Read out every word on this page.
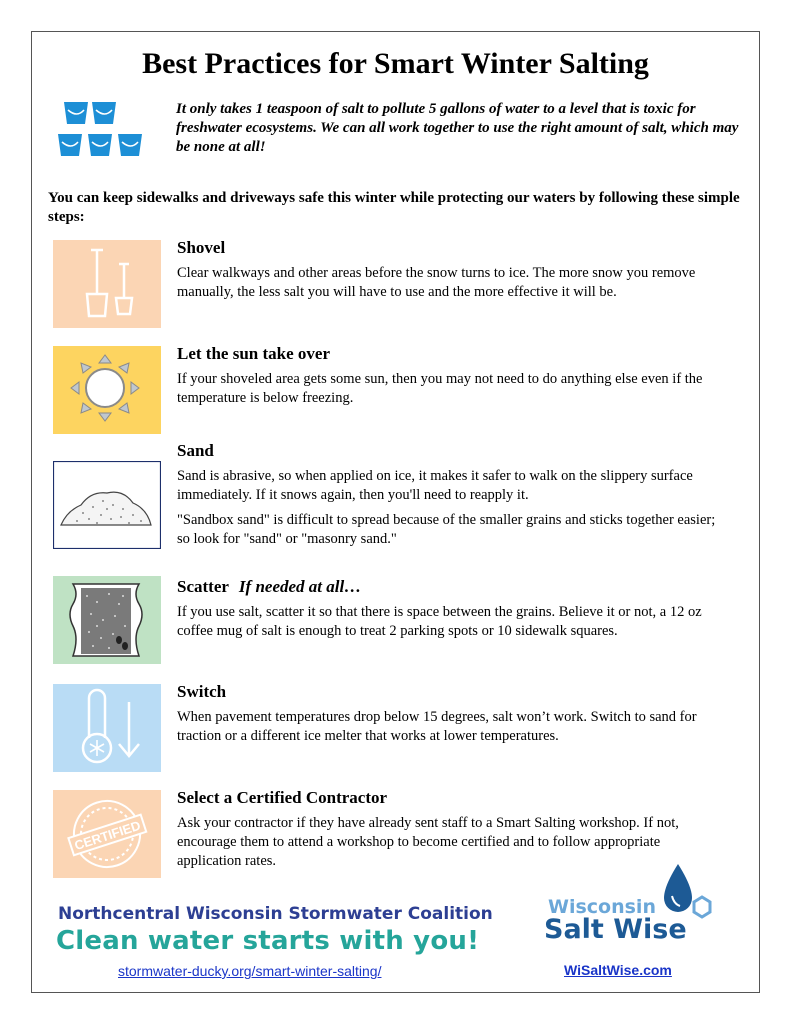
Best Practices for Smart Winter Salting

It only takes 1 teaspoon of salt to pollute 5 gallons of water to a level that is toxic for freshwater ecosystems. We can all work together to use the right amount of salt, which may be none at all!

You can keep sidewalks and driveways safe this winter while protecting our waters by following these simple steps:

Shovel

Clear walkways and other areas before the snow turns to ice. The more snow you remove manually, the less salt you will have to use and the more effective it will be.

Let the sun take over

If your shoveled area gets some sun, then you may not need to do anything else even if the temperature is below freezing.

Sand

Sand is abrasive, so when applied on ice, it makes it safer to walk on the slippery surface immediately. If it snows again, then you'll need to reapply it.

"Sandbox sand" is difficult to spread because of the smaller grains and sticks together easier; so look for "sand" or "masonry sand."

Scatter If needed at all…

If you use salt, scatter it so that there is space between the grains. Believe it or not, a 12 oz coffee mug of salt is enough to treat 2 parking spots or 10 sidewalk squares.

Switch

When pavement temperatures drop below 15 degrees, salt won’t work. Switch to sand for traction or a different ice melter that works at lower temperatures.

CERTIFIED
Select a Certified Contractor

Ask your contractor if they have already sent staff to a Smart Salting workshop. If not, encourage them to attend a workshop to become certified and to follow appropriate application rates.

Northcentral Wisconsin Stormwater Coalition

Clean water starts with you!

stormwater-ducky.org/smart-winter-salting/

Wisconsin

Salt Wise

WiSaltWise.com
